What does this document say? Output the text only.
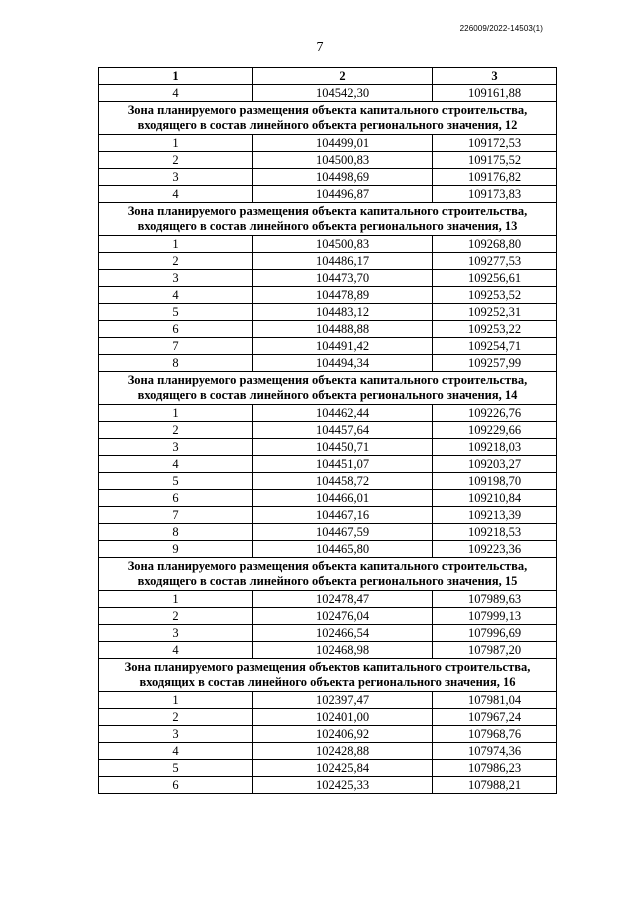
226009/2022-14503(1)
7
1	2	3
4	104542,30	109161,88

Зона планируемого размещения объекта капитального строительства,
входящего в состав линейного объекта регионального значения, 12		

1	104499,01	109172,53
2	104500,83	109175,52
3	104498,69	109176,82
4	104496,87	109173,83

Зона планируемого размещения объекта капитального строительства,
входящего в состав линейного объекта регионального значения, 13		

1	104500,83	109268,80
2	104486,17	109277,53
3	104473,70	109256,61
4	104478,89	109253,52
5	104483,12	109252,31
6	104488,88	109253,22
7	104491,42	109254,71
8	104494,34	109257,99

Зона планируемого размещения объекта капитального строительства,
входящего в состав линейного объекта регионального значения, 14		

1	104462,44	109226,76
2	104457,64	109229,66
3	104450,71	109218,03
4	104451,07	109203,27
5	104458,72	109198,70
6	104466,01	109210,84
7	104467,16	109213,39
8	104467,59	109218,53
9	104465,80	109223,36

Зона планируемого размещения объекта капитального строительства,
входящего в состав линейного объекта регионального значения, 15		

1	102478,47	107989,63
2	102476,04	107999,13
3	102466,54	107996,69
4	102468,98	107987,20

Зона планируемого размещения объектов капитального строительства,
входящих в состав линейного объекта регионального значения, 16		

1	102397,47	107981,04
2	102401,00	107967,24
3	102406,92	107968,76
4	102428,88	107974,36
5	102425,84	107986,23
6	102425,33	107988,21
